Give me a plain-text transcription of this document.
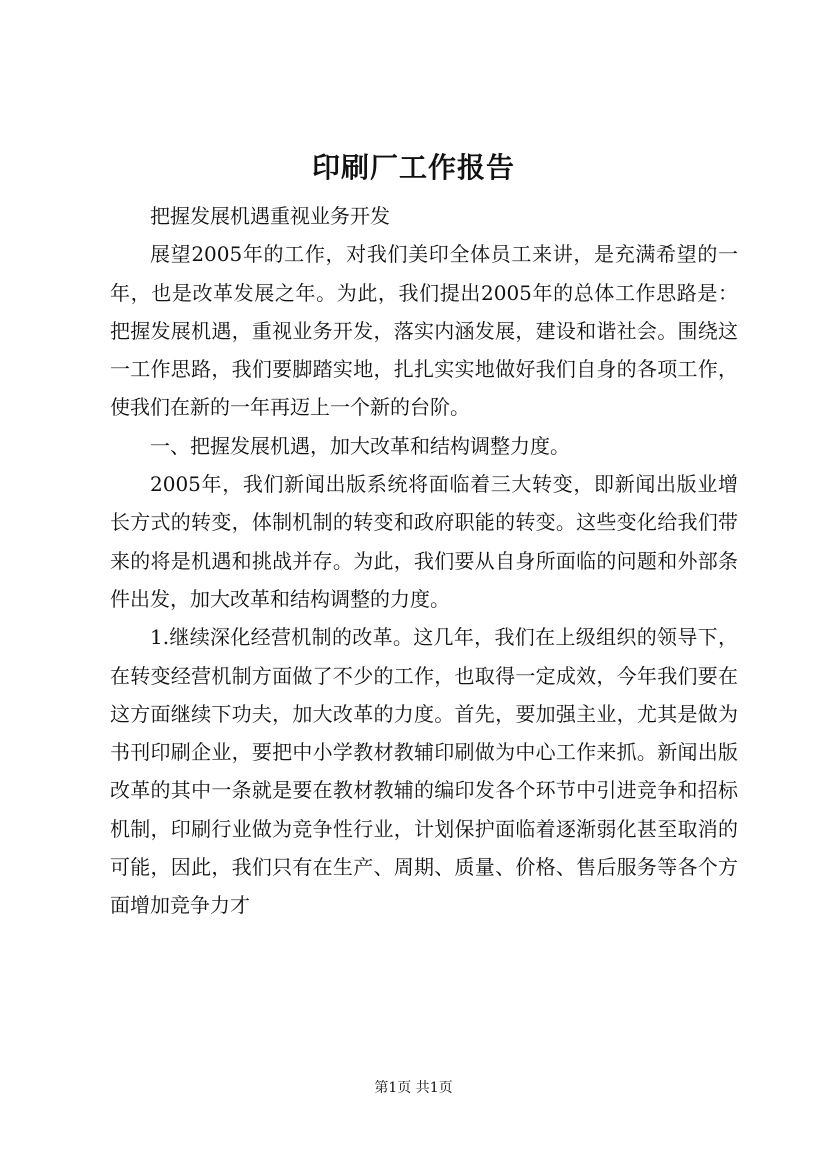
印刷厂工作报告

把握发展机遇重视业务开发

展望2005年的工作，对我们美印全体员工来讲，是充满希望的一年，也是改革发展之年。为此，我们提出2005年的总体工作思路是：把握发展机遇，重视业务开发，落实内涵发展，建设和谐社会。围绕这一工作思路，我们要脚踏实地，扎扎实实地做好我们自身的各项工作，使我们在新的一年再迈上一个新的台阶。

一、把握发展机遇，加大改革和结构调整力度。

2005年，我们新闻出版系统将面临着三大转变，即新闻出版业增长方式的转变，体制机制的转变和政府职能的转变。这些变化给我们带来的将是机遇和挑战并存。为此，我们要从自身所面临的问题和外部条件出发，加大改革和结构调整的力度。

1.继续深化经营机制的改革。这几年，我们在上级组织的领导下，在转变经营机制方面做了不少的工作，也取得一定成效，今年我们要在这方面继续下功夫，加大改革的力度。首先，要加强主业，尤其是做为书刊印刷企业，要把中小学教材教辅印刷做为中心工作来抓。新闻出版改革的其中一条就是要在教材教辅的编印发各个环节中引进竞争和招标机制，印刷行业做为竞争性行业，计划保护面临着逐渐弱化甚至取消的可能，因此，我们只有在生产、周期、质量、价格、售后服务等各个方面增加竞争力才

第1页 共1页
